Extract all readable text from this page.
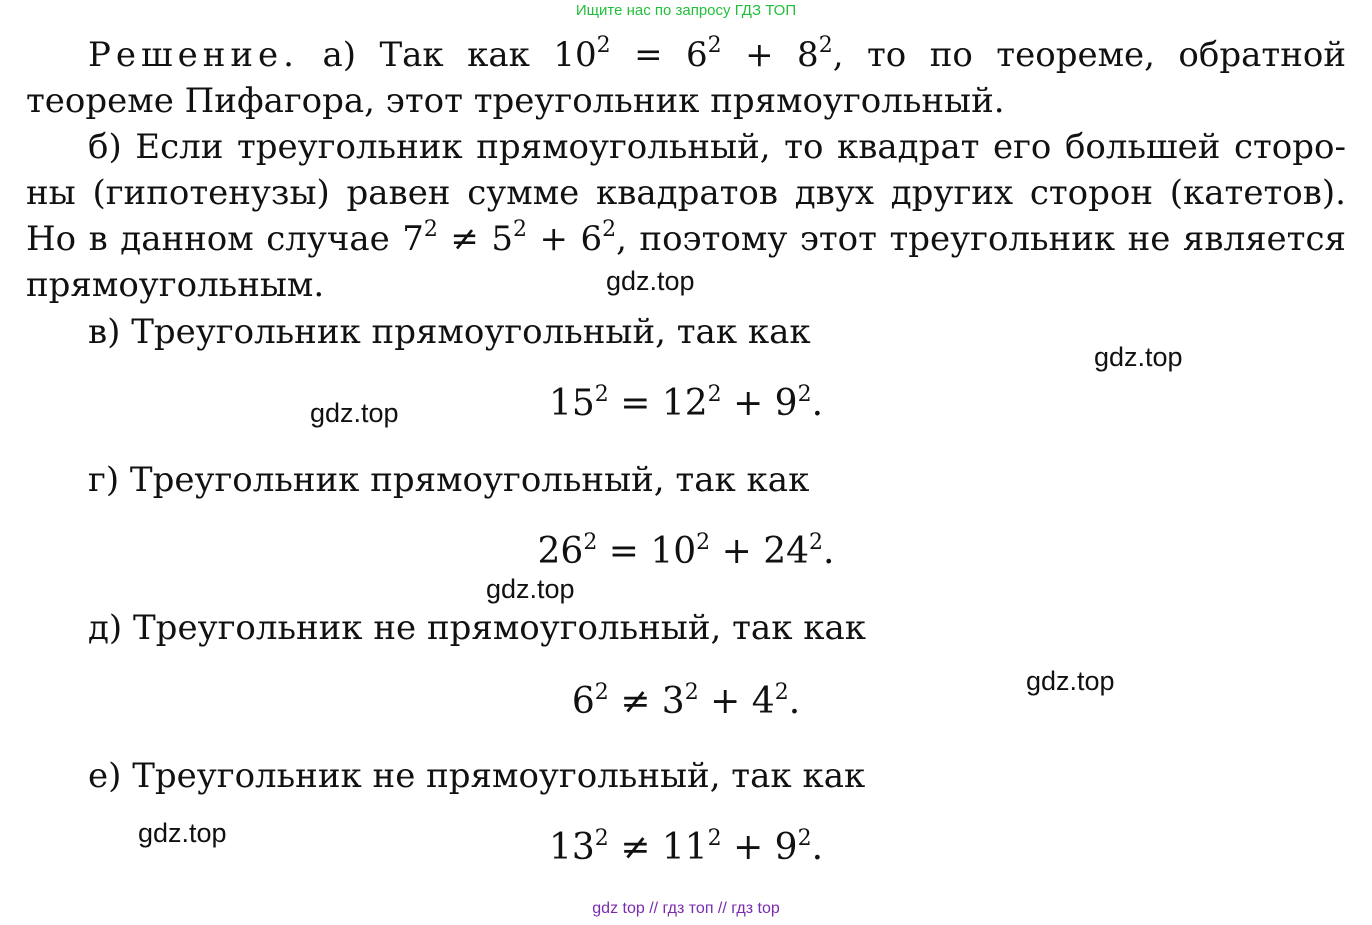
Ищите нас по запросу ГДЗ ТОП
Решение. а) Так как $10^2 = 6^2 + 8^2$, то по теореме, обратной
теореме Пифагора, этот треугольник прямоугольный.
б) Если треугольник прямоугольный, то квадрат его большей сторо-
ны (гипотенузы) равен сумме квадратов двух других сторон (катетов).
Но в данном случае $7^2 \ne 5^2 + 6^2$, поэтому этот треугольник не является
прямоугольным.
в) Треугольник прямоугольный, так как
$15^2 = 12^2 + 9^2$.
г) Треугольник прямоугольный, так как
$26^2 = 10^2 + 24^2$.
д) Треугольник не прямоугольный, так как
$6^2 \ne 3^2 + 4^2$.
е) Треугольник не прямоугольный, так как
$13^2 \ne 11^2 + 9^2$.
gdz.top
gdz.top
gdz.top
gdz.top
gdz.top
gdz.top
gdz top // гдз топ // гдз top
